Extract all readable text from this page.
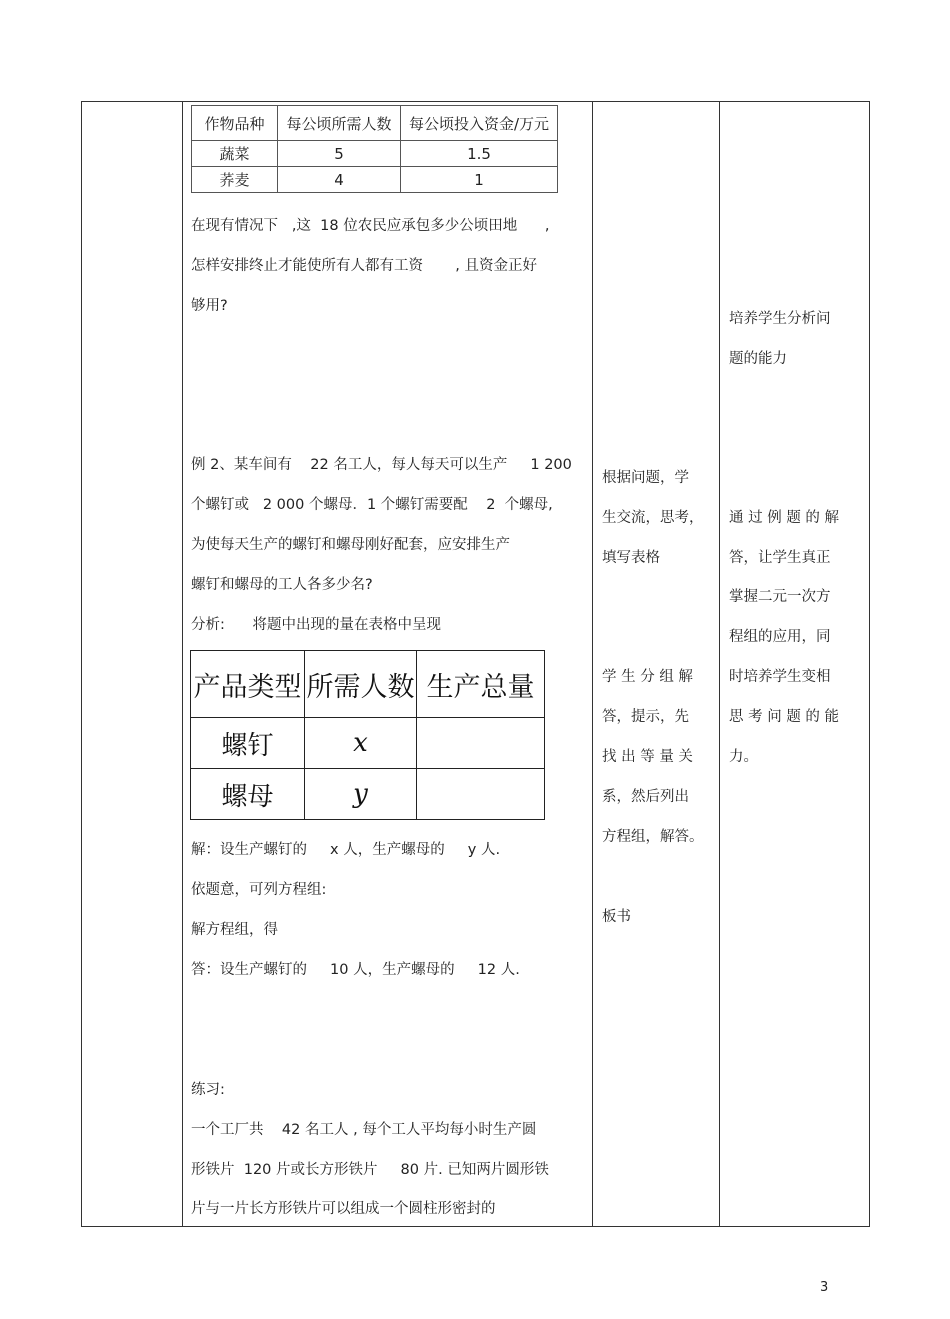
作物品种	每公顷所需人数	每公顷投入资金/万元
蔬菜	5	1.5
荞麦	4	1
在现有情况下   ,这  18 位农民应承包多少公顷田地      ,
怎样安排终止才能使所有人都有工资       , 且资金正好
够用?
培养学生分析问
题的能力
例 2、某车间有    22 名工人，每人每天可以生产     1 200
个螺钉或   2 000 个螺母．1 个螺钉需要配    2  个螺母,
为使每天生产的螺钉和螺母刚好配套，应安排生产
螺钉和螺母的工人各多少名?
分析:      将题中出现的量在表格中呈现
产品类型	所需人数	生产总量
螺钉	x	
螺母	y	
解：设生产螺钉的     x 人，生产螺母的     y 人.
依题意，可列方程组:
解方程组，得
答：设生产螺钉的     10 人，生产螺母的     12 人.
练习:
一个工厂共    42 名工人 , 每个工人平均每小时生产圆
形铁片  120 片或长方形铁片     80 片. 已知两片圆形铁
片与一片长方形铁片可以组成一个圆柱形密封的
根据问题，学
生交流，思考，
填写表格
学 生 分 组 解
答，提示，先
找 出 等 量 关
系，然后列出
方程组，解答。
板书
通 过 例 题 的 解
答，让学生真正
掌握二元一次方
程组的应用，同
时培养学生变相
思 考 问 题 的 能
力。
3
